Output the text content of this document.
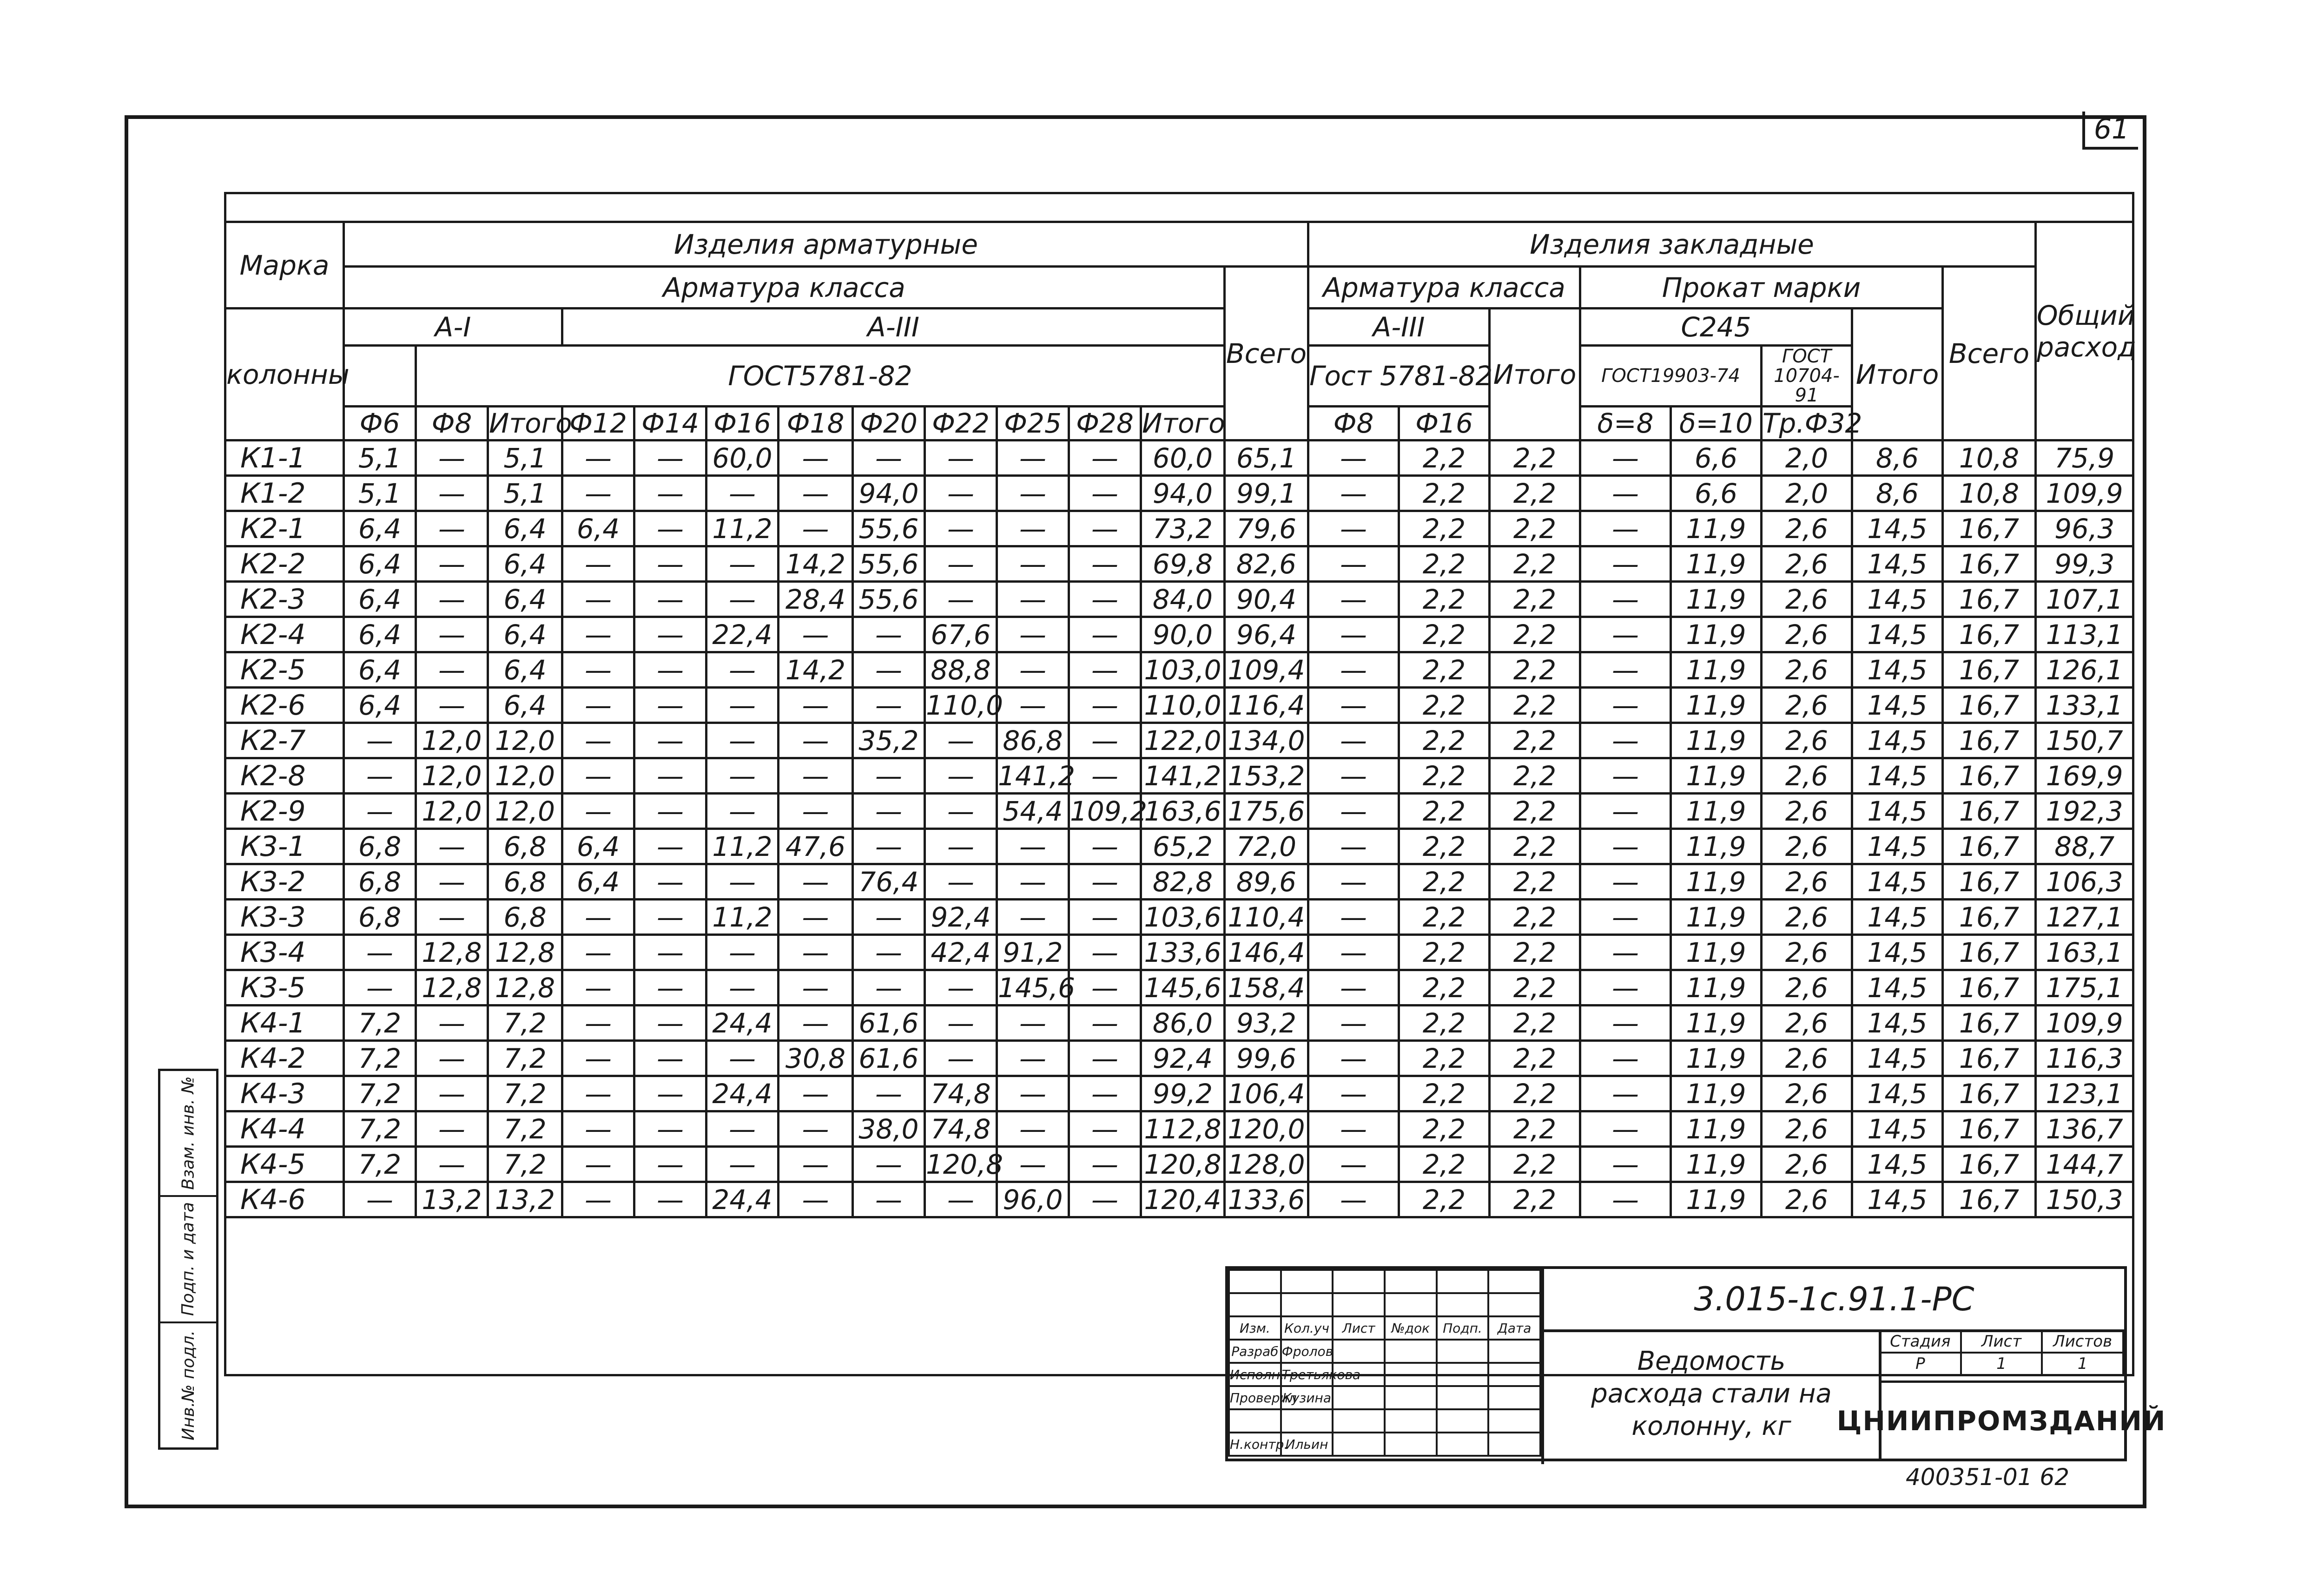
61

Марка	Изделия арматурные													Изделия закладные								Общий
расход
	Арматура класса												Всего	Арматура класса			Прокат марки				Всего	
колонны	А-I			А-III										А-III		Итого	С245			Итого		
		ГОСТ5781-82												Гост 5781-82			ГОСТ19903-74		ГОСТ 10704-91			
	Ф6	Ф8	Итого	Ф12	Ф14	Ф16	Ф18	Ф20	Ф22	Ф25	Ф28	Итого		Ф8	Ф16		δ=8	δ=10	Тр.Ф32			
К1-1	5,1	—	5,1	—	—	60,0	—	—	—	—	—	60,0	65,1	—	2,2	2,2	—	6,6	2,0	8,6	10,8	75,9
К1-2	5,1	—	5,1	—	—	—	—	94,0	—	—	—	94,0	99,1	—	2,2	2,2	—	6,6	2,0	8,6	10,8	109,9
К2-1	6,4	—	6,4	6,4	—	11,2	—	55,6	—	—	—	73,2	79,6	—	2,2	2,2	—	11,9	2,6	14,5	16,7	96,3
К2-2	6,4	—	6,4	—	—	—	14,2	55,6	—	—	—	69,8	82,6	—	2,2	2,2	—	11,9	2,6	14,5	16,7	99,3
К2-3	6,4	—	6,4	—	—	—	28,4	55,6	—	—	—	84,0	90,4	—	2,2	2,2	—	11,9	2,6	14,5	16,7	107,1
К2-4	6,4	—	6,4	—	—	22,4	—	—	67,6	—	—	90,0	96,4	—	2,2	2,2	—	11,9	2,6	14,5	16,7	113,1
К2-5	6,4	—	6,4	—	—	—	14,2	—	88,8	—	—	103,0	109,4	—	2,2	2,2	—	11,9	2,6	14,5	16,7	126,1
К2-6	6,4	—	6,4	—	—	—	—	—	110,0	—	—	110,0	116,4	—	2,2	2,2	—	11,9	2,6	14,5	16,7	133,1
К2-7	—	12,0	12,0	—	—	—	—	35,2	—	86,8	—	122,0	134,0	—	2,2	2,2	—	11,9	2,6	14,5	16,7	150,7
К2-8	—	12,0	12,0	—	—	—	—	—	—	141,2	—	141,2	153,2	—	2,2	2,2	—	11,9	2,6	14,5	16,7	169,9
К2-9	—	12,0	12,0	—	—	—	—	—	—	54,4	109,2	163,6	175,6	—	2,2	2,2	—	11,9	2,6	14,5	16,7	192,3
К3-1	6,8	—	6,8	6,4	—	11,2	47,6	—	—	—	—	65,2	72,0	—	2,2	2,2	—	11,9	2,6	14,5	16,7	88,7
К3-2	6,8	—	6,8	6,4	—	—	—	76,4	—	—	—	82,8	89,6	—	2,2	2,2	—	11,9	2,6	14,5	16,7	106,3
К3-3	6,8	—	6,8	—	—	11,2	—	—	92,4	—	—	103,6	110,4	—	2,2	2,2	—	11,9	2,6	14,5	16,7	127,1
К3-4	—	12,8	12,8	—	—	—	—	—	42,4	91,2	—	133,6	146,4	—	2,2	2,2	—	11,9	2,6	14,5	16,7	163,1
К3-5	—	12,8	12,8	—	—	—	—	—	—	145,6	—	145,6	158,4	—	2,2	2,2	—	11,9	2,6	14,5	16,7	175,1
К4-1	7,2	—	7,2	—	—	24,4	—	61,6	—	—	—	86,0	93,2	—	2,2	2,2	—	11,9	2,6	14,5	16,7	109,9
К4-2	7,2	—	7,2	—	—	—	30,8	61,6	—	—	—	92,4	99,6	—	2,2	2,2	—	11,9	2,6	14,5	16,7	116,3
К4-3	7,2	—	7,2	—	—	24,4	—	—	74,8	—	—	99,2	106,4	—	2,2	2,2	—	11,9	2,6	14,5	16,7	123,1
К4-4	7,2	—	7,2	—	—	—	—	38,0	74,8	—	—	112,8	120,0	—	2,2	2,2	—	11,9	2,6	14,5	16,7	136,7
К4-5	7,2	—	7,2	—	—	—	—	—	120,8	—	—	120,8	128,0	—	2,2	2,2	—	11,9	2,6	14,5	16,7	144,7
К4-6	—	13,2	13,2	—	—	24,4	—	—	—	96,0	—	120,4	133,6	—	2,2	2,2	—	11,9	2,6	14,5	16,7	150,3

Взам. инв. №
Подп. и дата
Инв.№ подл.

Изм.	Кол.уч	Лист	№док	Подп.	Дата
Разраб	Фролов				
Исполн.	Третьякова				
Проверил	Кузина				

Н.контр.	Ильин				
3.015-1с.91.1-РС
Ведомость
расхода стали на
колонну, кг
Стадия	Лист	Листов
Р	1	1
ЦНИИПРОМЗДАНИЙ
400351-01 62
